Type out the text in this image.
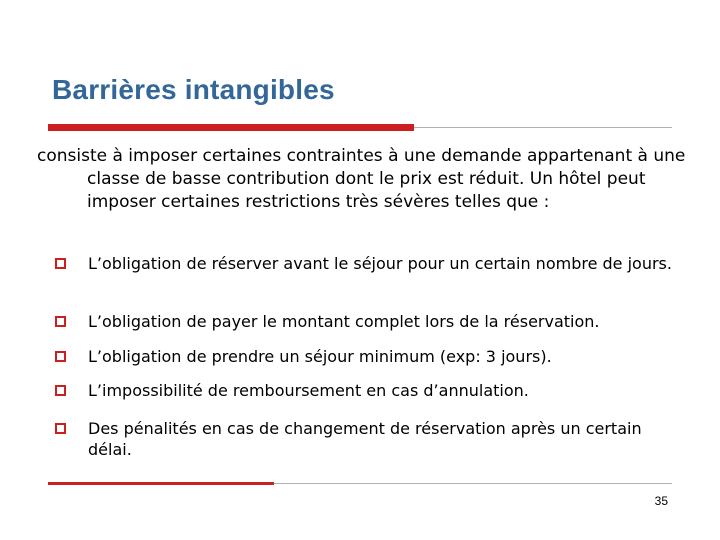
Barrières intangibles
consiste à imposer certaines contraintes à une demande appartenant à une classe de basse contribution dont le prix est réduit. Un hôtel peut imposer certaines restrictions très sévères telles que :
L’obligation de réserver avant le séjour pour un certain nombre de jours.
L’obligation de payer le montant complet lors de la réservation.
L’obligation de prendre un séjour minimum (exp: 3 jours).
L’impossibilité de remboursement en cas d’annulation.
Des pénalités en cas de changement de réservation après un certain délai.
35
